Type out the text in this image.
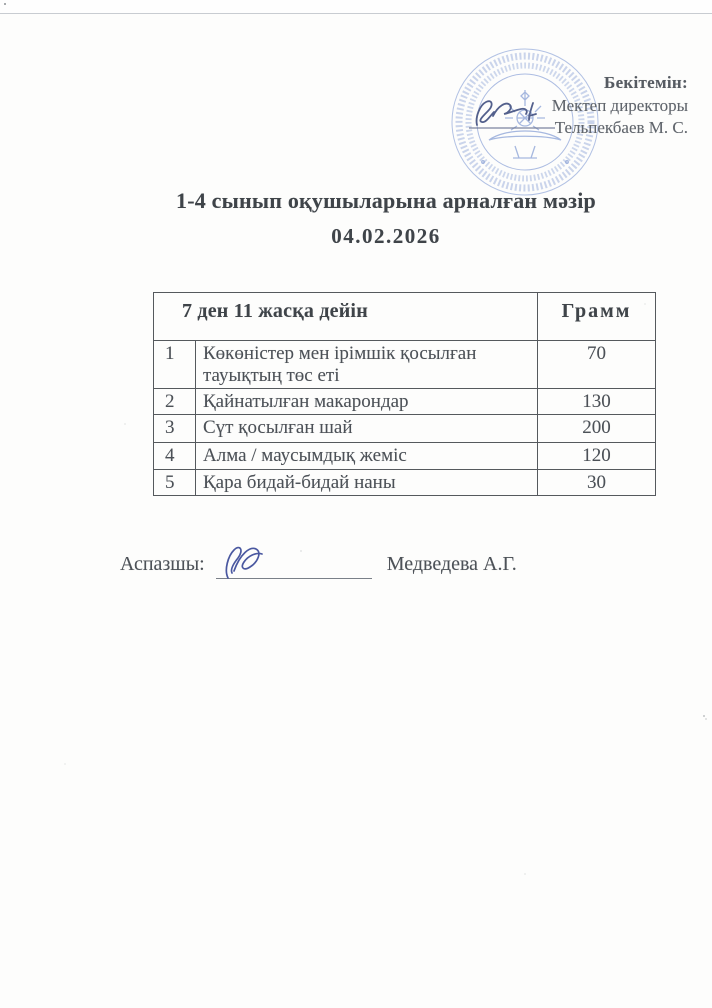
Бекітемін:
Мектеп директоры
Тельпекбаев М. С.
1-4 сынып оқушыларына арналған мәзір
04.02.2026
7 ден 11 жасқа дейін		Грамм
1	Көкөністер мен ірімшік қосылған тауықтың төс еті	70
2	Қайнатылған макарондар	130
3	Сүт қосылған шай	200
4	Алма / маусымдық жеміс	120
5	Қара бидай-бидай наны	30
Аспазшы:	Медведева А.Г.
